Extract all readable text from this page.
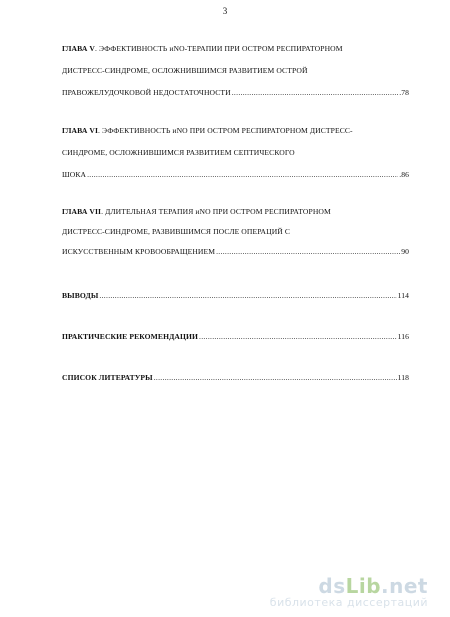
3
ГЛАВА V. ЭФФЕКТИВНОСТЬ иNO-ТЕРАПИИ ПРИ ОСТРОМ РЕСПИРАТОРНОМ
ДИСТРЕСС-СИНДРОМЕ, ОСЛОЖНИВШИМСЯ РАЗВИТИЕМ ОСТРОЙ
ПРАВОЖЕЛУДОЧКОВОЙ НЕДОСТАТОЧНОСТИ .....	.78
ГЛАВА VI. ЭФФЕКТИВНОСТЬ иNO ПРИ ОСТРОМ РЕСПИРАТОРНОМ ДИСТРЕСС-
СИНДРОМЕ, ОСЛОЖНИВШИМСЯ РАЗВИТИЕМ СЕПТИЧЕСКОГО
ШОКА .....	.86
ГЛАВА VII. ДЛИТЕЛЬНАЯ ТЕРАПИЯ иNO ПРИ ОСТРОМ РЕСПИРАТОРНОМ
ДИСТРЕСС-СИНДРОМЕ, РАЗВИВШИМСЯ ПОСЛЕ ОПЕРАЦИЙ С
ИСКУССТВЕННЫМ КРОВООБРАЩЕНИЕМ .....	90
ВЫВОДЫ .....	114
ПРАКТИЧЕСКИЕ РЕКОМЕНДАЦИИ .....	116
СПИСОК ЛИТЕРАТУРЫ .....	118
dsLib.net
библиотека диссертаций
